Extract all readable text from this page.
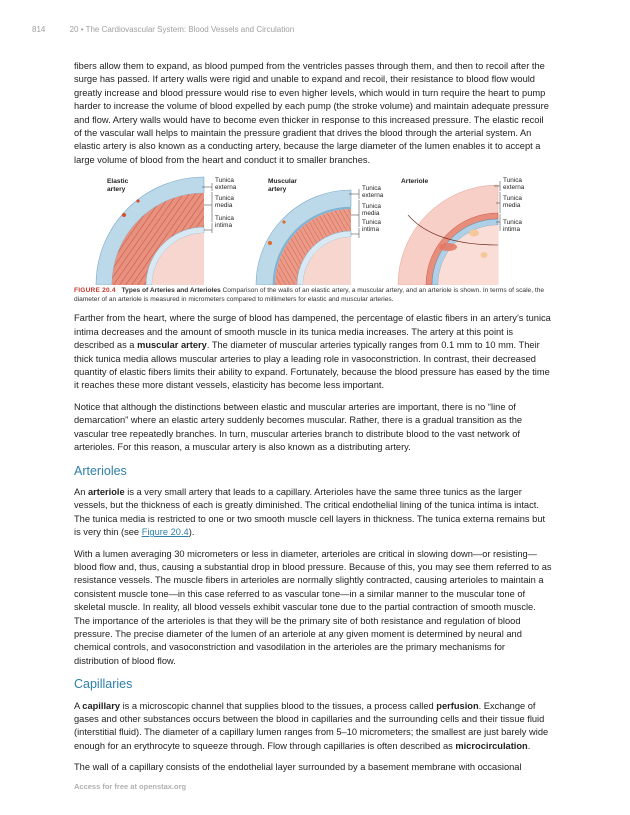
814	20 • The Cardiovascular System: Blood Vessels and Circulation

fibers allow them to expand, as blood pumped from the ventricles passes through them, and then to recoil after the surge has passed. If artery walls were rigid and unable to expand and recoil, their resistance to blood flow would greatly increase and blood pressure would rise to even higher levels, which would in turn require the heart to pump harder to increase the volume of blood expelled by each pump (the stroke volume) and maintain adequate pressure and flow. Artery walls would have to become even thicker in response to this increased pressure. The elastic recoil of the vascular wall helps to maintain the pressure gradient that drives the blood through the arterial system. An elastic artery is also known as a conducting artery, because the large diameter of the lumen enables it to accept a large volume of blood from the heart and conduct it to smaller branches.

Elastic
artery
Tunica
externa
Tunica
media
Tunica
intima
Muscular
artery	Tunica
externa
Tunica
media
Tunica
intima
Arteriole	Tunica
externa
Tunica
media
Tunica
intima
FIGURE 20.4 Types of Arteries and Arterioles Comparison of the walls of an elastic artery, a muscular artery, and an arteriole is shown. In terms of scale, the diameter of an arteriole is measured in micrometers compared to millimeters for elastic and muscular arteries.

Farther from the heart, where the surge of blood has dampened, the percentage of elastic fibers in an artery’s tunica intima decreases and the amount of smooth muscle in its tunica media increases. The artery at this point is described as a muscular artery. The diameter of muscular arteries typically ranges from 0.1 mm to 10 mm. Their thick tunica media allows muscular arteries to play a leading role in vasoconstriction. In contrast, their decreased quantity of elastic fibers limits their ability to expand. Fortunately, because the blood pressure has eased by the time it reaches these more distant vessels, elasticity has become less important.

Notice that although the distinctions between elastic and muscular arteries are important, there is no “line of demarcation” where an elastic artery suddenly becomes muscular. Rather, there is a gradual transition as the vascular tree repeatedly branches. In turn, muscular arteries branch to distribute blood to the vast network of arterioles. For this reason, a muscular artery is also known as a distributing artery.

Arterioles

An arteriole is a very small artery that leads to a capillary. Arterioles have the same three tunics as the larger vessels, but the thickness of each is greatly diminished. The critical endothelial lining of the tunica intima is intact. The tunica media is restricted to one or two smooth muscle cell layers in thickness. The tunica externa remains but is very thin (see Figure 20.4).

With a lumen averaging 30 micrometers or less in diameter, arterioles are critical in slowing down—or resisting—blood flow and, thus, causing a substantial drop in blood pressure. Because of this, you may see them referred to as resistance vessels. The muscle fibers in arterioles are normally slightly contracted, causing arterioles to maintain a consistent muscle tone—in this case referred to as vascular tone—in a similar manner to the muscular tone of skeletal muscle. In reality, all blood vessels exhibit vascular tone due to the partial contraction of smooth muscle. The importance of the arterioles is that they will be the primary site of both resistance and regulation of blood pressure. The precise diameter of the lumen of an arteriole at any given moment is determined by neural and chemical controls, and vasoconstriction and vasodilation in the arterioles are the primary mechanisms for distribution of blood flow.

Capillaries

A capillary is a microscopic channel that supplies blood to the tissues, a process called perfusion. Exchange of gases and other substances occurs between the blood in capillaries and the surrounding cells and their tissue fluid (interstitial fluid). The diameter of a capillary lumen ranges from 5–10 micrometers; the smallest are just barely wide enough for an erythrocyte to squeeze through. Flow through capillaries is often described as microcirculation.

The wall of a capillary consists of the endothelial layer surrounded by a basement membrane with occasional

Access for free at openstax.org
